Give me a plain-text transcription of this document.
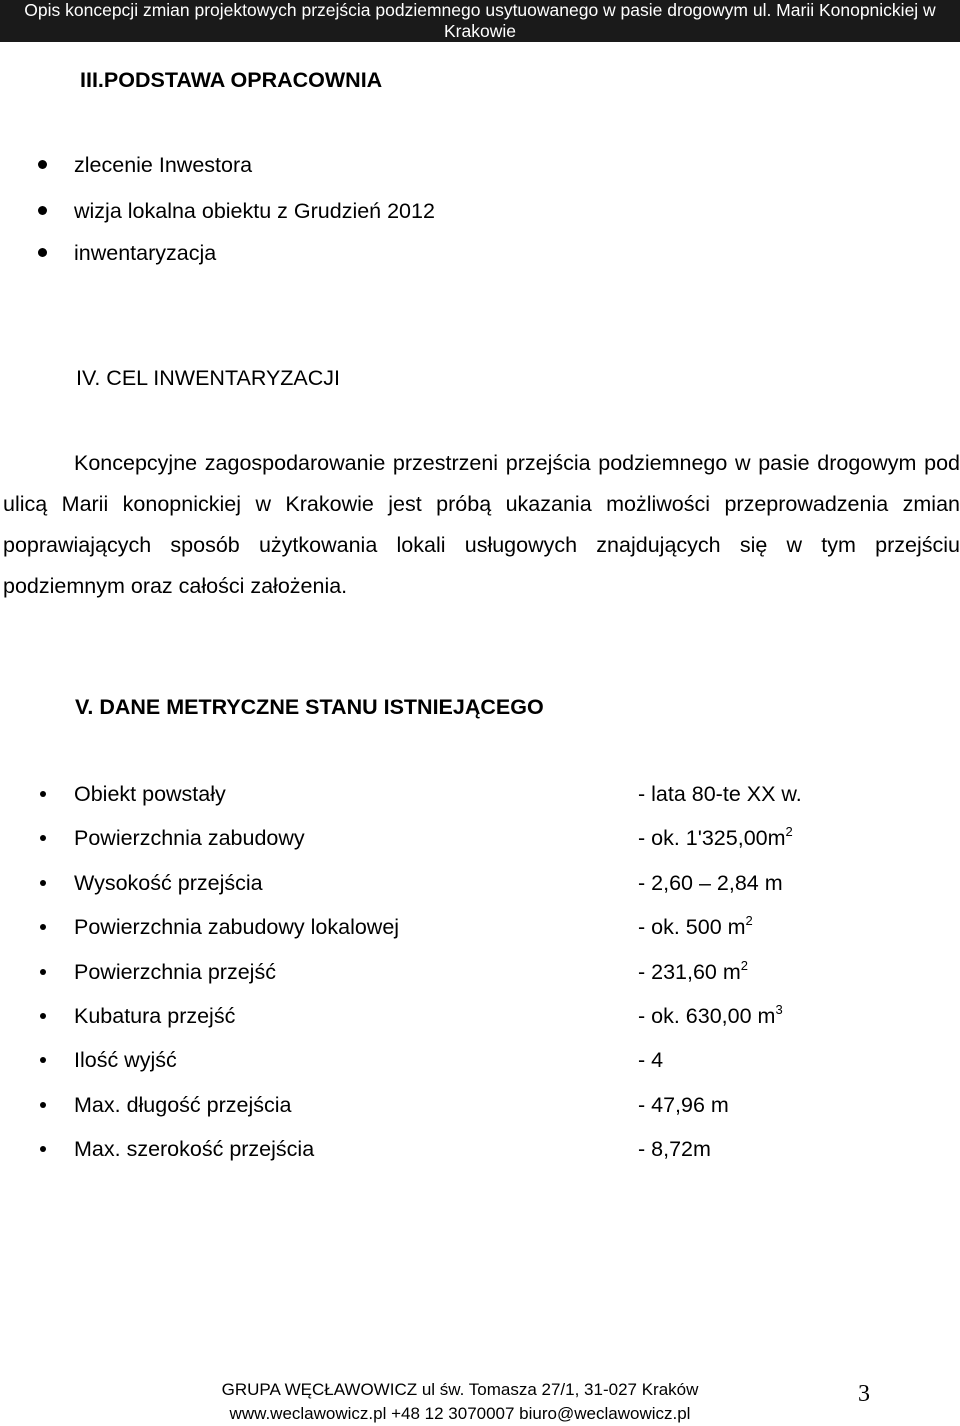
Opis koncepcji zmian projektowych przejścia podziemnego usytuowanego w pasie drogowym ul. Marii Konopnickiej w
Krakowie
III.PODSTAWA OPRACOWNIA
zlecenie Inwestora
wizja lokalna obiektu z Grudzień 2012
inwentaryzacja
IV. CEL INWENTARYZACJI
Koncepcyjne zagospodarowanie przestrzeni przejścia podziemnego w pasie drogowym pod ulicą Marii konopnickiej w Krakowie jest próbą ukazania możliwości przeprowadzenia zmian poprawiających sposób użytkowania lokali usługowych znajdujących się w tym przejściu podziemnym oraz całości założenia.
V. DANE METRYCZNE STANU ISTNIEJĄCEGO
Obiekt powstały	- lata 80-te XX w.
Powierzchnia zabudowy	- ok. $1'325,00m^2$
Wysokość przejścia	- 2,60 – 2,84 m
Powierzchnia zabudowy lokalowej	- ok. 500 $m^2$
Powierzchnia przejść	- 231,60 $m^2$
Kubatura przejść	- ok. 630,00 $m^3$
Ilość wyjść	- 4
Max. długość przejścia	- 47,96 m
Max. szerokość przejścia	- 8,72m
GRUPA WĘCŁAWOWICZ ul św. Tomasza 27/1, 31-027 Kraków
www.weclawowicz.pl +48 12 3070007 biuro@weclawowicz.pl
3
